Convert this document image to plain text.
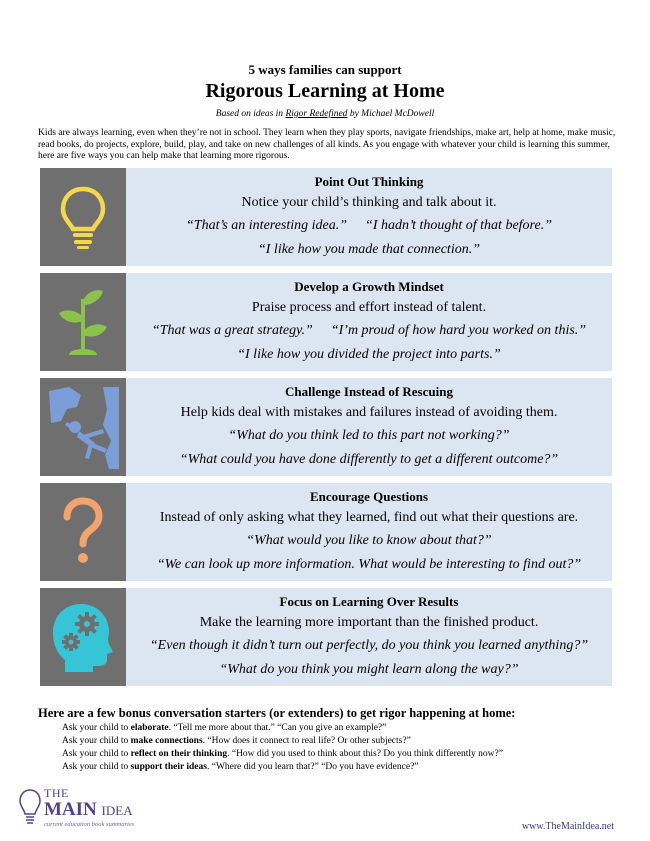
5 ways families can support
Rigorous Learning at Home
Based on ideas in Rigor Redefined by Michael McDowell
Kids are always learning, even when they’re not in school. They learn when they play sports, navigate friendships, make art, help at home, make music, read books, do projects, explore, build, play, and take on new challenges of all kinds. As you engage with whatever your child is learning this summer, here are five ways you can help make that learning more rigorous.
Point Out Thinking
Notice your child’s thinking and talk about it.
“That’s an interesting idea.” “I hadn’t thought of that before.”
“I like how you made that connection.”
Develop a Growth Mindset
Praise process and effort instead of talent.
“That was a great strategy.” “I’m proud of how hard you worked on this.”
“I like how you divided the project into parts.”
Challenge Instead of Rescuing
Help kids deal with mistakes and failures instead of avoiding them.
“What do you think led to this part not working?”
“What could you have done differently to get a different outcome?”
Encourage Questions
Instead of only asking what they learned, find out what their questions are.
“What would you like to know about that?”
“We can look up more information. What would be interesting to find out?”
Focus on Learning Over Results
Make the learning more important than the finished product.
“Even though it didn’t turn out perfectly, do you think you learned anything?”
“What do you think you might learn along the way?”
Here are a few bonus conversation starters (or extenders) to get rigor happening at home:
Ask your child to elaborate. “Tell me more about that.” “Can you give an example?”
Ask your child to make connections. “How does it connect to real life? Or other subjects?”
Ask your child to reflect on their thinking. “How did you used to think about this? Do you think differently now?”
Ask your child to support their ideas. “Where did you learn that?” “Do you have evidence?”
THE
MAIN IDEA
current education book summaries	www.TheMainIdea.net
